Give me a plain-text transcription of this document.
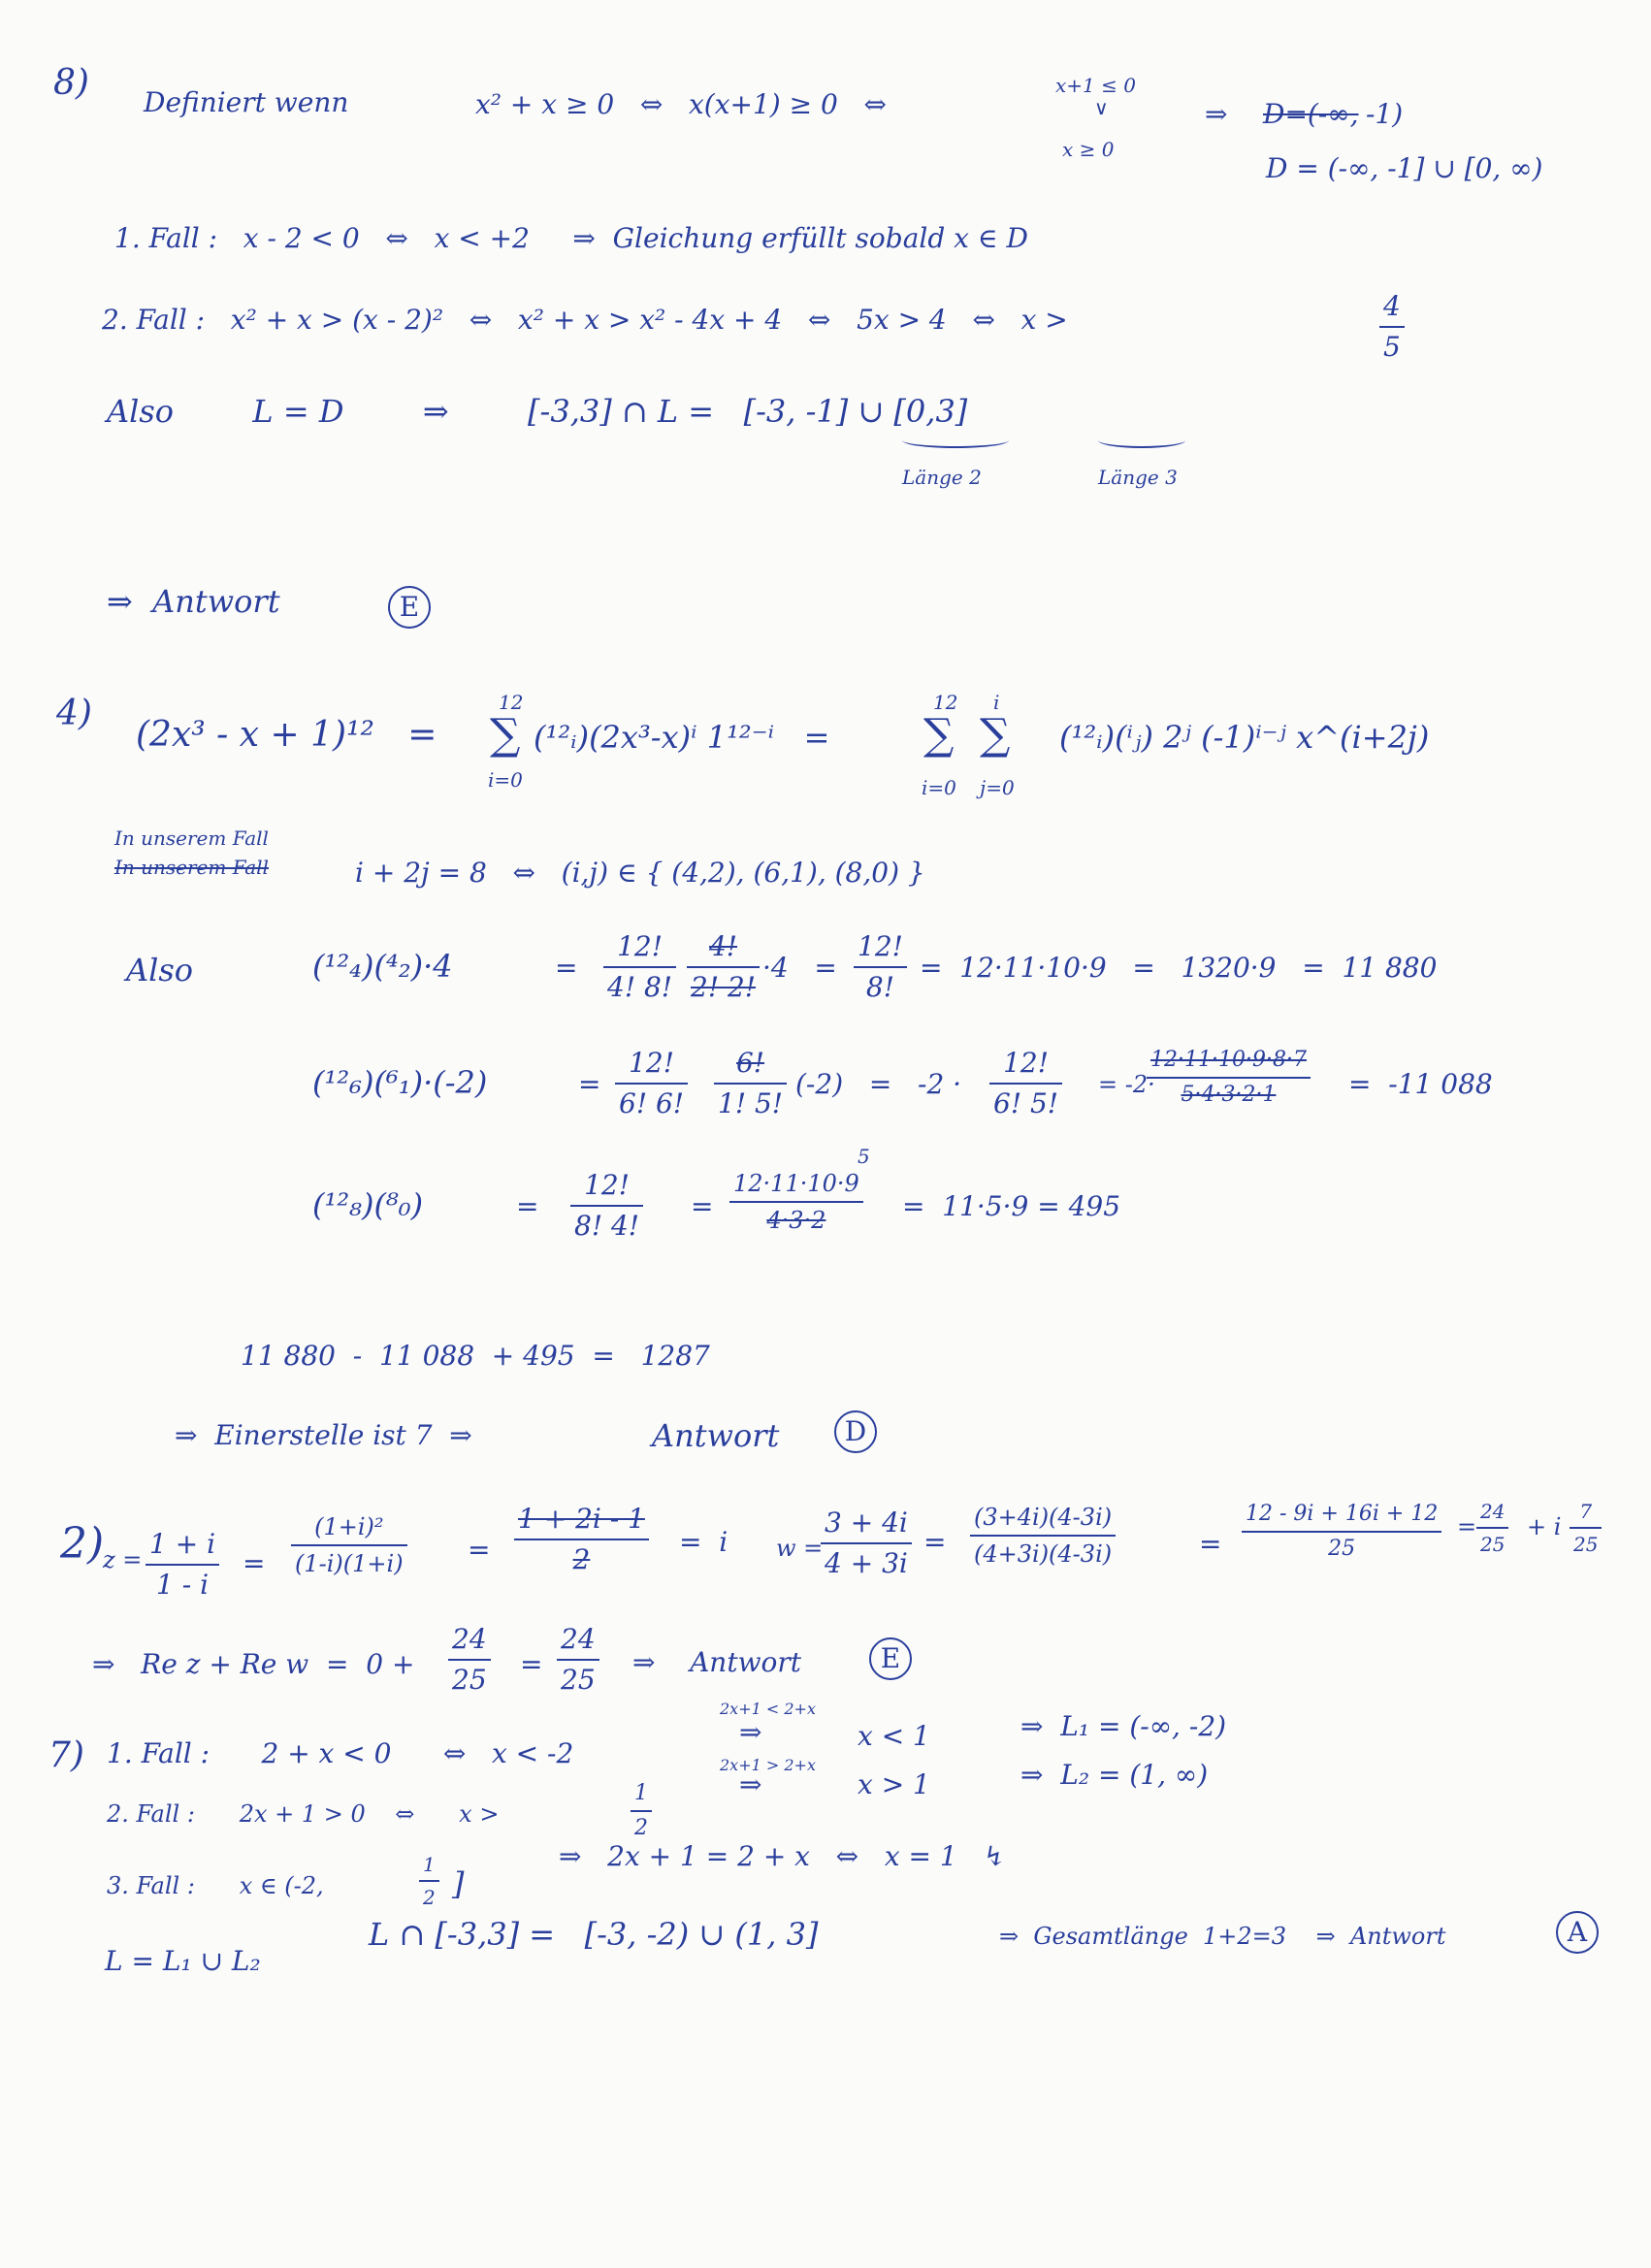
8) Definiert wenn	x² + x ≥ 0   ⇔   x(x+1) ≥ 0   ⇔
x+1 ≤ 0
∨
x ≥ 0
⇒ D=(-∞, -1)
D = (-∞, -1] ∪ [0, ∞)
1. Fall :   x - 2 < 0   ⇔   x < +2     ⇒  Gleichung erfüllt sobald x ∈ D
2. Fall :   x² + x > (x - 2)²   ⇔   x² + x > x² - 4x + 4   ⇔   5x > 4   ⇔   x >	4
5
Also        L = D        ⇒        [-3,3] ∩ L =   [-3, -1] ∪ [0,3]
Länge 2	Länge 3
⇒  Antwort	E
4)
(2x³ - x + 1)¹²   =
12
∑
i=0
(¹²ᵢ)(2x³-x)ⁱ 1¹²⁻ⁱ   =
12
∑
i=0
i
∑
j=0
(¹²ᵢ)(ⁱⱼ) 2ʲ (-1)ⁱ⁻ʲ x^(i+2j)
In unserem Fall
In unserem Fall	i + 2j = 8   ⇔   (i,j) ∈ { (4,2), (6,1), (8,0) }
Also	(¹²₄)(⁴₂)·4	=
12!
4! 8!
4!
2! 2!
·4   =
12!
8!
=  12·11·10·9   =   1320·9   =  11 880
(¹²₆)(⁶₁)·(-2)	=
12!
6! 6!
6!
1! 5!
(-2)   =   -2 ·
12!
6! 5!
= -2·
12·11·10·9·8·7
5·4·3·2·1	=  -11 088
(¹²₈)(⁸₀)	=
12!
8! 4!
=
5
12·11·10·9
4·3·2	=  11·5·9 = 495
11 880  -  11 088  + 495  =   1287
⇒  Einerstelle ist 7  ⇒	Antwort	D
2)
z = 1 + i
1 - i
=
(1+i)²
(1-i)(1+i) =
1 + 2i - 1
2
=  i w =
3 + 4i
4 + 3i
=
(3+4i)(4-3i)
(4+3i)(4-3i)	=
12 - 9i + 16i + 12
25
=
24
25
+ i
7
25
⇒   Re z + Re w  =  0 +
24
25 =
24
25
⇒    Antwort	E
7) 1. Fall :      2 + x < 0      ⇔   x < -2
2x+1 < 2+x
⇒	x < 1	⇒  L₁ = (-∞, -2)
2. Fall :      2x + 1 > 0    ⇔      x >
1
2
2x+1 > 2+x
⇒	x > 1	⇒  L₂ = (1, ∞)
3. Fall :      x ∈ (-2,
1
2 ]
⇒   2x + 1 = 2 + x   ⇔   x = 1   ↯
L = L₁ ∪ L₂
L ∩ [-3,3] =   [-3, -2) ∪ (1, 3]	⇒  Gesamtlänge  1+2=3    ⇒  Antwort	A
